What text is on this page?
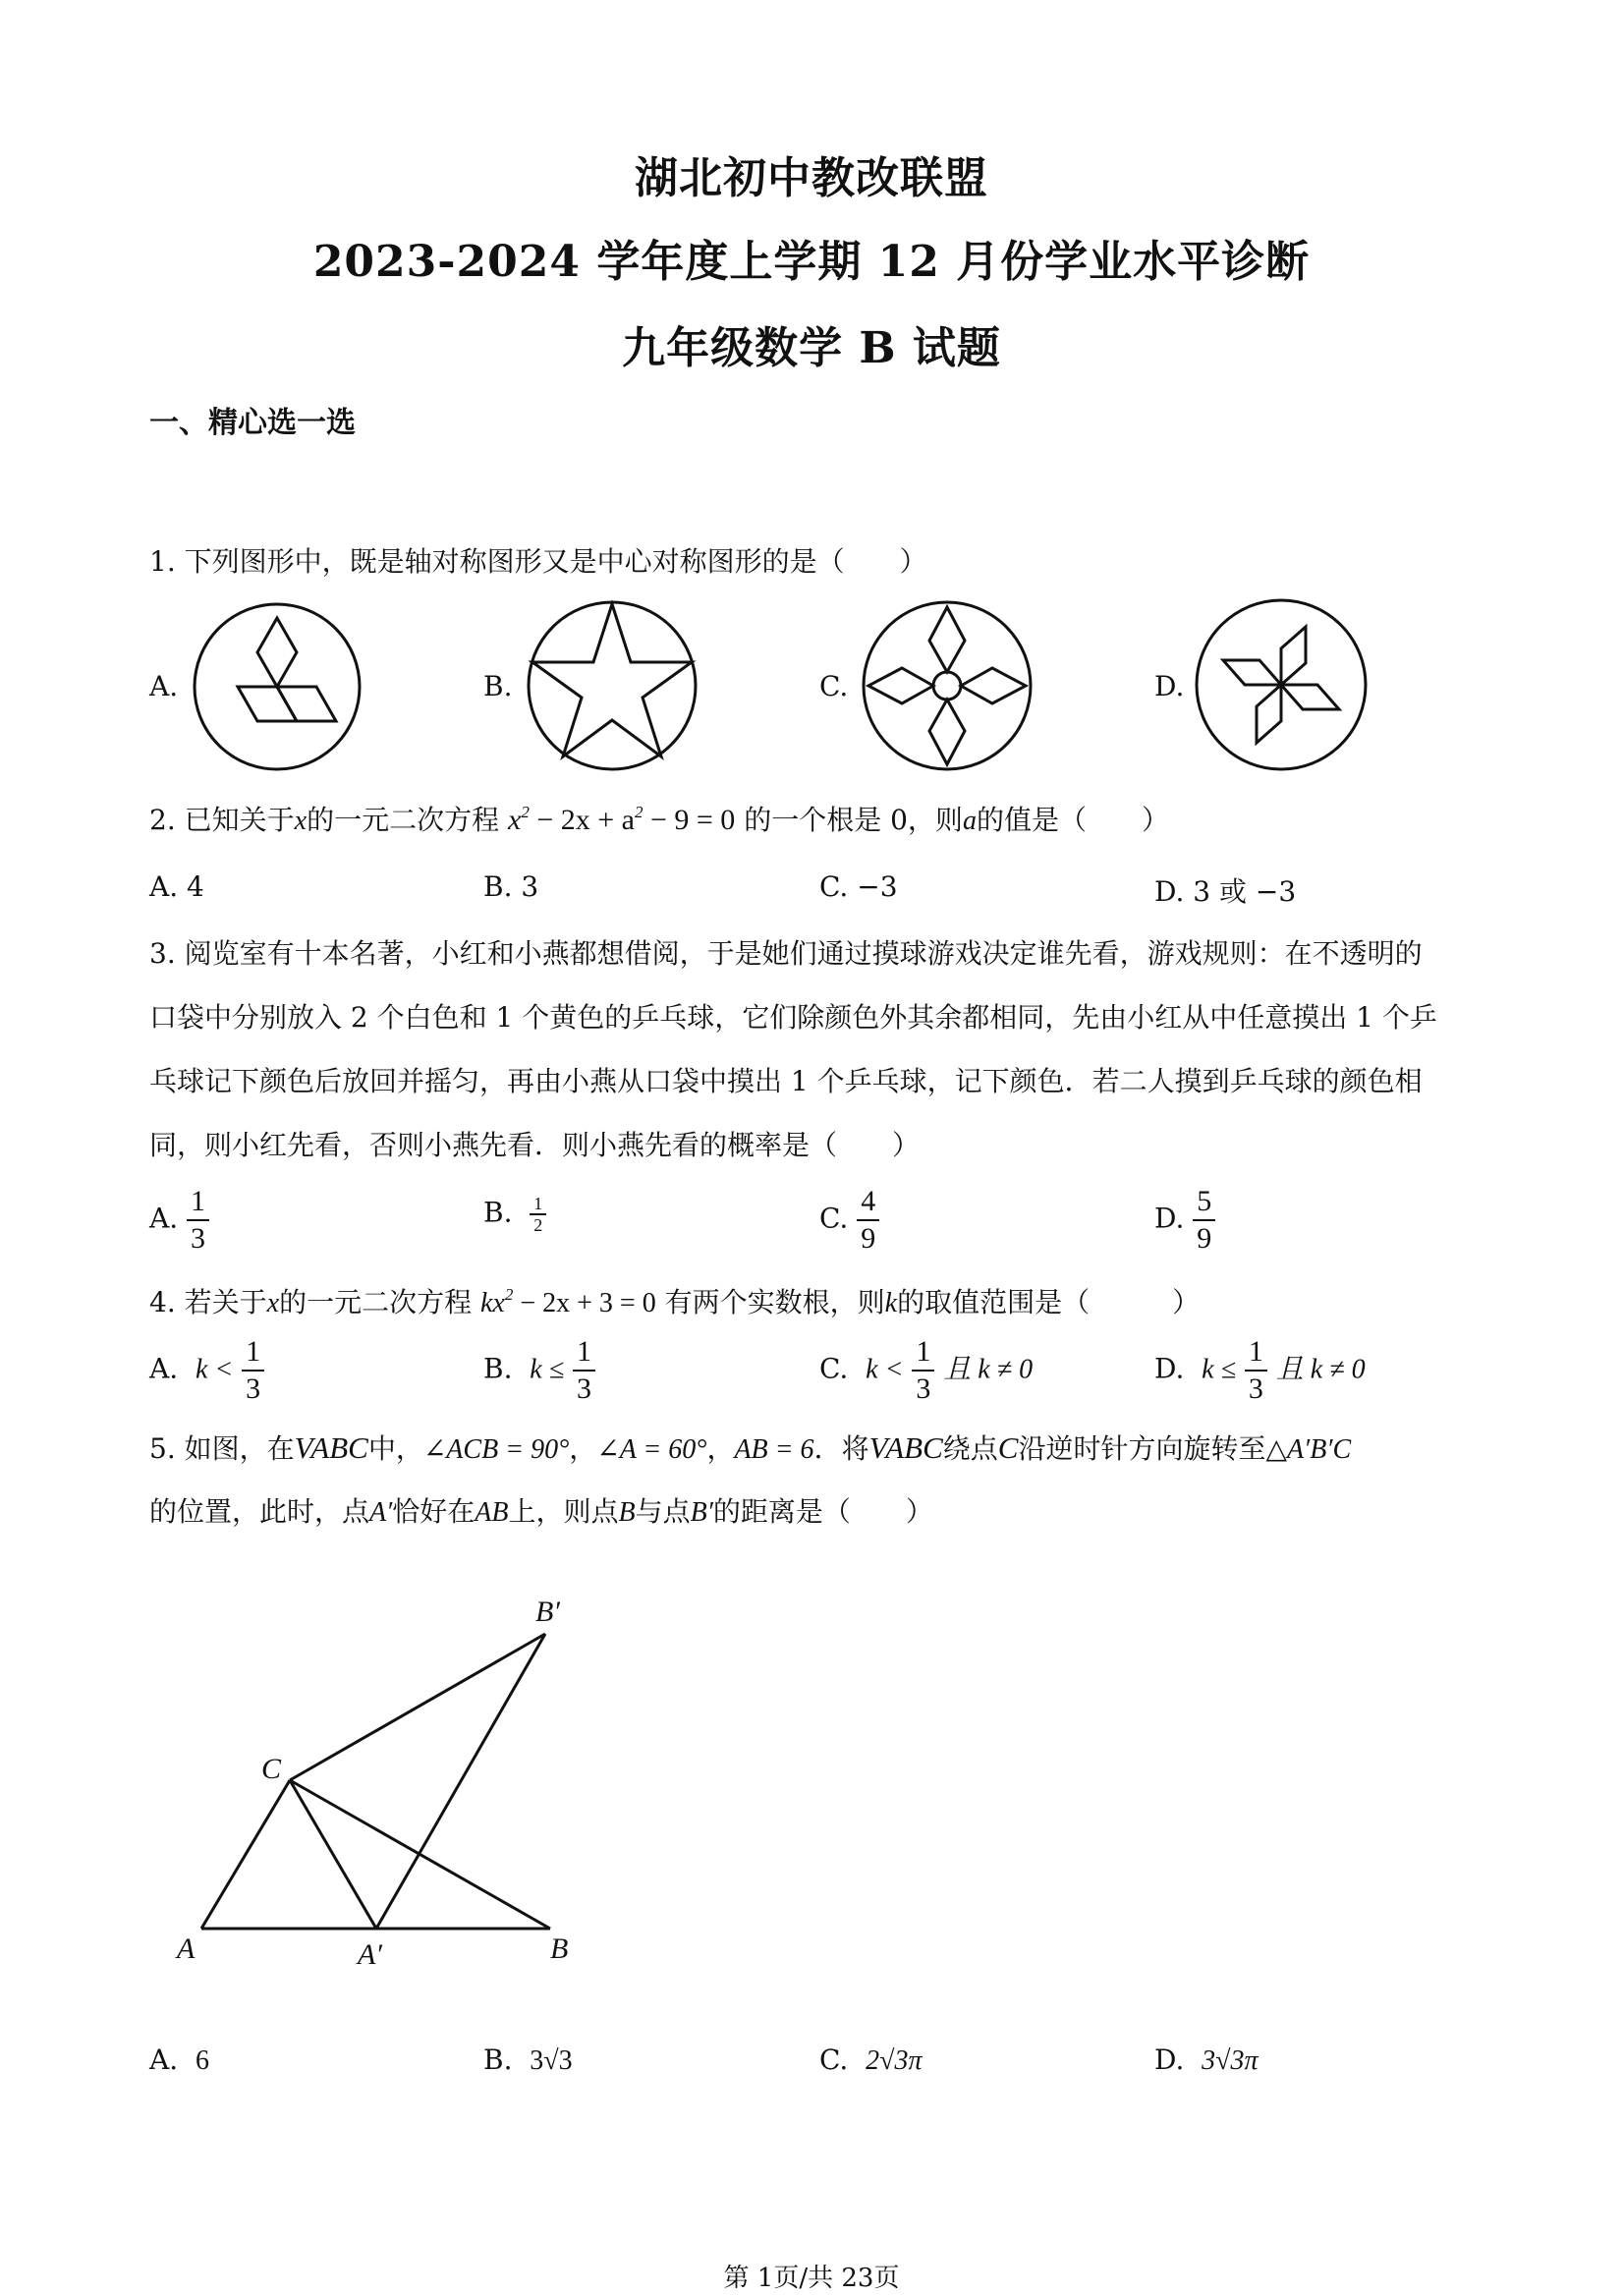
湖北初中教改联盟
2023-2024 学年度上学期 12 月份学业水平诊断
九年级数学 B 试题
一、精心选一选
1. 下列图形中，既是轴对称图形又是中心对称图形的是（　　）
A.	B.	C.	D.
2. 已知关于x的一元二次方程 $x^2 - 2x + a^2 - 9 = 0$ 的一个根是 0，则a的值是（　　）
A. 4	B. 3	C. −3	D. 3 或 −3
3. 阅览室有十本名著，小红和小燕都想借阅，于是她们通过摸球游戏决定谁先看，游戏规则：在不透明的
口袋中分别放入 2 个白色和 1 个黄色的乒乓球，它们除颜色外其余都相同，先由小红从中任意摸出 1 个乒
乓球记下颜色后放回并摇匀，再由小燕从口袋中摸出 1 个乒乓球，记下颜色．若二人摸到乒乓球的颜色相
同，则小红先看，否则小燕先看．则小燕先看的概率是（　　）
A. $\frac{1}{3}$	B. $\frac{1}{2}$	C. $\frac{4}{9}$	D. $\frac{5}{9}$
4. 若关于x的一元二次方程 $kx^2 - 2x + 3 = 0$ 有两个实数根，则k的取值范围是（　　　）
A. $k < \frac{1}{3}$	B. $k \le \frac{1}{3}$	C. $k < \frac{1}{3}$ 且 k ≠ 0	D. $k \le \frac{1}{3}$ 且 k ≠ 0
5. 如图，在VABC中，∠ACB = 90°，∠A = 60°，AB = 6．将VABC绕点C沿逆时针方向旋转至△A′B′C
的位置，此时，点A′恰好在AB上，则点B与点B′的距离是（　　）
B′
C
A	A′	B
A. 6	B. 3√3	C. 2√3π	D. 3√3π
第 1页/共 23页
